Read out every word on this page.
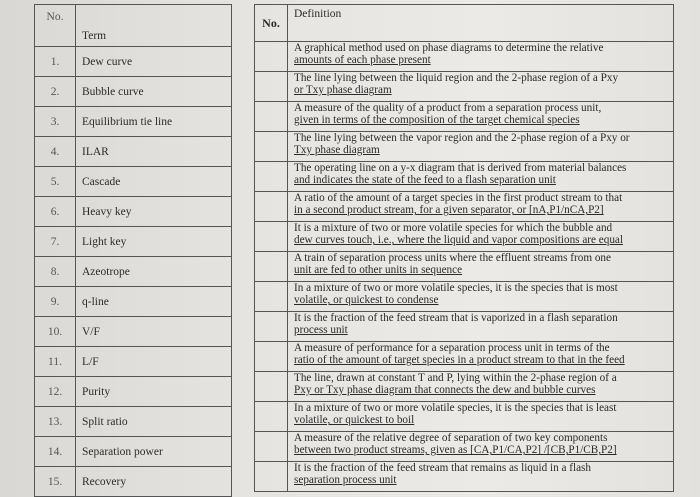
No.	Term
1.	Dew curve
2.	Bubble curve
3.	Equilibrium tie line
4.	ILAR
5.	Cascade
6.	Heavy key
7.	Light key
8.	Azeotrope
9.	q-line
10.	V/F
11.	L/F
12.	Purity
13.	Split ratio
14.	Separation power
15.	Recovery
No.	Definition

	A graphical method used on phase diagrams to determine the relative
amounts of each phase present

	The line lying between the liquid region and the 2-phase region of a Pxy
or Txy phase diagram

	A measure of the quality of a product from a separation process unit,
given in terms of the composition of the target chemical species

	The line lying between the vapor region and the 2-phase region of a Pxy or
Txy phase diagram

	The operating line on a y-x diagram that is derived from material balances
and indicates the state of the feed to a flash separation unit

	A ratio of the amount of a target species in the first product stream to that
in a second product stream, for a given separator, or [nA,P1/nCA,P2]

	It is a mixture of two or more volatile species for which the bubble and
dew curves touch, i.e., where the liquid and vapor compositions are equal

	A train of separation process units where the effluent streams from one
unit are fed to other units in sequence

	In a mixture of two or more volatile species, it is the species that is most
volatile, or quickest to condense

	It is the fraction of the feed stream that is vaporized in a flash separation
process unit

	A measure of performance for a separation process unit in terms of the
ratio of the amount of target species in a product stream to that in the feed

	The line, drawn at constant T and P, lying within the 2-phase region of a
Pxy or Txy phase diagram that connects the dew and bubble curves

	In a mixture of two or more volatile species, it is the species that is least
volatile, or quickest to boil

	A measure of the relative degree of separation of two key components
between two product streams, given as [CA,P1/CA,P2] /[CB,P1/CB,P2]

	It is the fraction of the feed stream that remains as liquid in a flash
separation process unit
